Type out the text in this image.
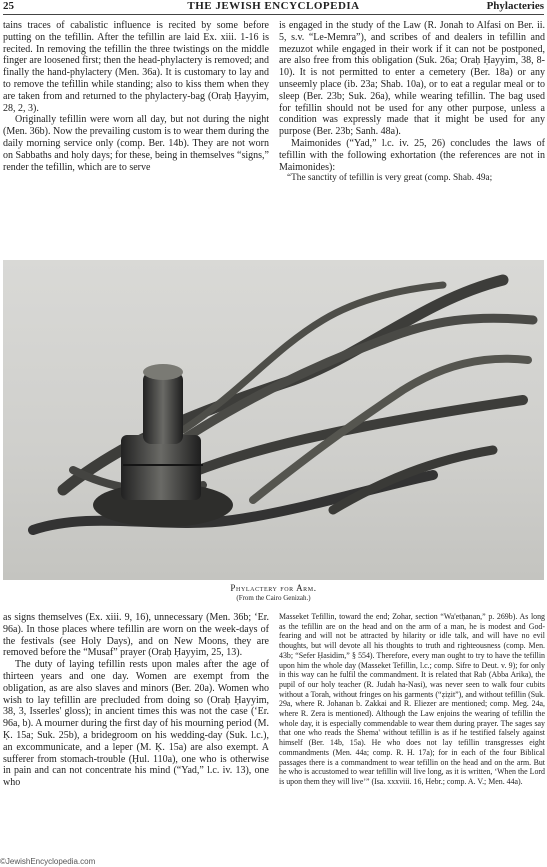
25	THE JEWISH ENCYCLOPEDIA	Phylacteries

tains traces of cabalistic influence is recited by some before putting on the tefillin. After the tefillin are laid Ex. xiii. 1-16 is recited. In removing the tefillin the three twistings on the middle finger are loosened first; then the head-phylactery is removed; and finally the hand-phylactery (Men. 36a). It is customary to lay and to remove the tefillin while standing; also to kiss them when they are taken from and returned to the phylactery-bag (Oraḥ Ḥayyim, 28, 2, 3).

Originally tefillin were worn all day, but not during the night (Men. 36b). Now the prevailing custom is to wear them during the daily morning service only (comp. Ber. 14b). They are not worn on Sabbaths and holy days; for these, being in themselves “signs,” render the tefillin, which are to serve

is engaged in the study of the Law (R. Jonah to Alfasi on Ber. ii. 5, s.v. “Le-Memra”), and scribes of and dealers in tefillin and mezuzot while engaged in their work if it can not be postponed, are also free from this obligation (Suk. 26a; Oraḥ Ḥayyim, 38, 8-10). It is not permitted to enter a cemetery (Ber. 18a) or any unseemly place (ib. 23a; Shab. 10a), or to eat a regular meal or to sleep (Ber. 23b; Suk. 26a), while wearing tefillin. The bag used for tefillin should not be used for any other purpose, unless a condition was expressly made that it might be used for any purpose (Ber. 23b; Sanh. 48a).

Maimonides (“Yad,” l.c. iv. 25, 26) concludes the laws of tefillin with the following exhortation (the references are not in Maimonides):

“The sanctity of tefillin is very great (comp. Shab. 49a;

Phylactery for Arm.
(From the Cairo Genizah.)

as signs themselves (Ex. xiii. 9, 16), unnecessary (Men. 36b; ‘Er. 96a). In those places where tefillin are worn on the week-days of the festivals (see Holy Days), and on New Moons, they are removed before the “Musaf” prayer (Oraḥ Ḥayyim, 25, 13).

The duty of laying tefillin rests upon males after the age of thirteen years and one day. Women are exempt from the obligation, as are also slaves and minors (Ber. 20a). Women who wish to lay tefillin are precluded from doing so (Oraḥ Ḥayyim, 38, 3, Isserles' gloss); in ancient times this was not the case (‘Er. 96a, b). A mourner during the first day of his mourning period (M. Ḳ. 15a; Suk. 25b), a bridegroom on his wedding-day (Suk. l.c.), an excommunicate, and a leper (M. Ḳ. 15a) are also exempt. A sufferer from stomach-trouble (Ḥul. 110a), one who is otherwise in pain and can not concentrate his mind (“Yad,” l.c. iv. 13), one who

Masseket Tefillin, toward the end; Zohar, section “Wa'etḥanan,” p. 269b). As long as the tefillin are on the head and on the arm of a man, he is modest and God-fearing and will not be attracted by hilarity or idle talk, and will have no evil thoughts, but will devote all his thoughts to truth and righteousness (comp. Men. 43b; “Sefer Ḥasidim,” § 554). Therefore, every man ought to try to have the tefillin upon him the whole day (Masseket Tefillin, l.c.; comp. Sifre to Deut. v. 9); for only in this way can he fulfil the commandment. It is related that Rab (Abba Arika), the pupil of our holy teacher (R. Judah ha-Nasi), was never seen to walk four cubits without a Torah, without fringes on his garments (“ẓiẓit”), and without tefillin (Suk. 29a, where R. Johanan b. Zakkai and R. Eliezer are mentioned; comp. Meg. 24a, where R. Zera is mentioned). Although the Law enjoins the wearing of tefillin the whole day, it is especially commendable to wear them during prayer. The sages say that one who reads the Shema' without tefillin is as if he testified falsely against himself (Ber. 14b, 15a). He who does not lay tefillin transgresses eight commandments (Men. 44a; comp. R. H. 17a); for in each of the four Biblical passages there is a commandment to wear tefillin on the head and on the arm. But he who is accustomed to wear tefillin will live long, as it is written, ‘When the Lord is upon them they will live’” (Isa. xxxviii. 16, Hebr.; comp. A. V.; Men. 44a).

©JewishEncyclopedia.com
